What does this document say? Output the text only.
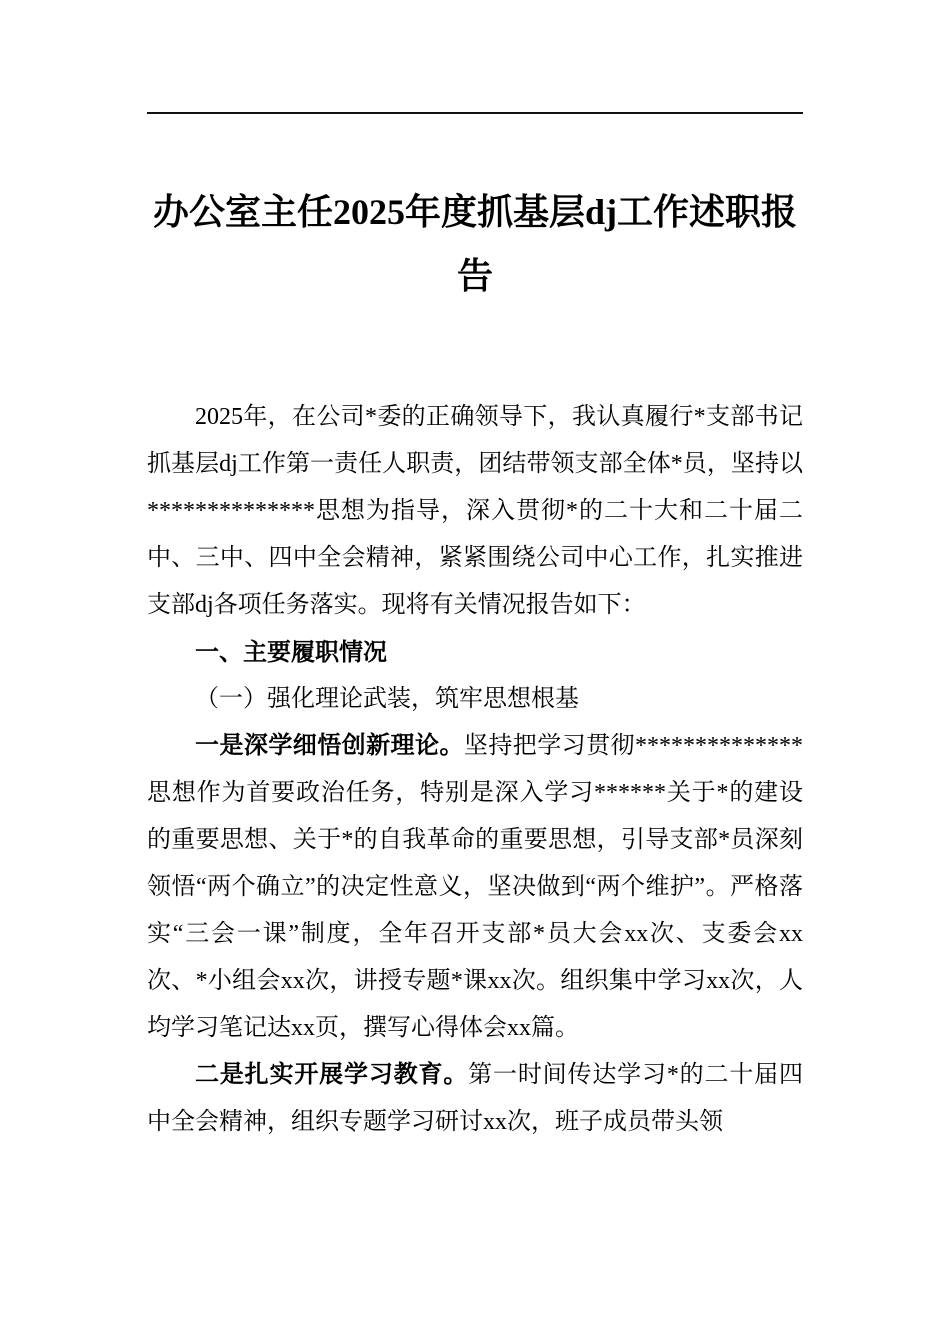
办公室主任2025年度抓基层dj工作述职报告

2025年，在公司*委的正确领导下，我认真履行*支部书记抓基层dj工作第一责任人职责，团结带领支部全体*员，坚持以**************思想为指导，深入贯彻*的二十大和二十届二中、三中、四中全会精神，紧紧围绕公司中心工作，扎实推进支部dj各项任务落实。现将有关情况报告如下：

一、主要履职情况

（一）强化理论武装，筑牢思想根基

一是深学细悟创新理论。坚持把学习贯彻**************思想作为首要政治任务，特别是深入学习******关于*的建设的重要思想、关于*的自我革命的重要思想，引导支部*员深刻领悟“两个确立”的决定性意义，坚决做到“两个维护”。严格落实“三会一课”制度，全年召开支部*员大会xx次、支委会xx次、*小组会xx次，讲授专题*课xx次。组织集中学习xx次，人均学习笔记达xx页，撰写心得体会xx篇。

二是扎实开展学习教育。第一时间传达学习*的二十届四中全会精神，组织专题学习研讨xx次，班子成员带头领
